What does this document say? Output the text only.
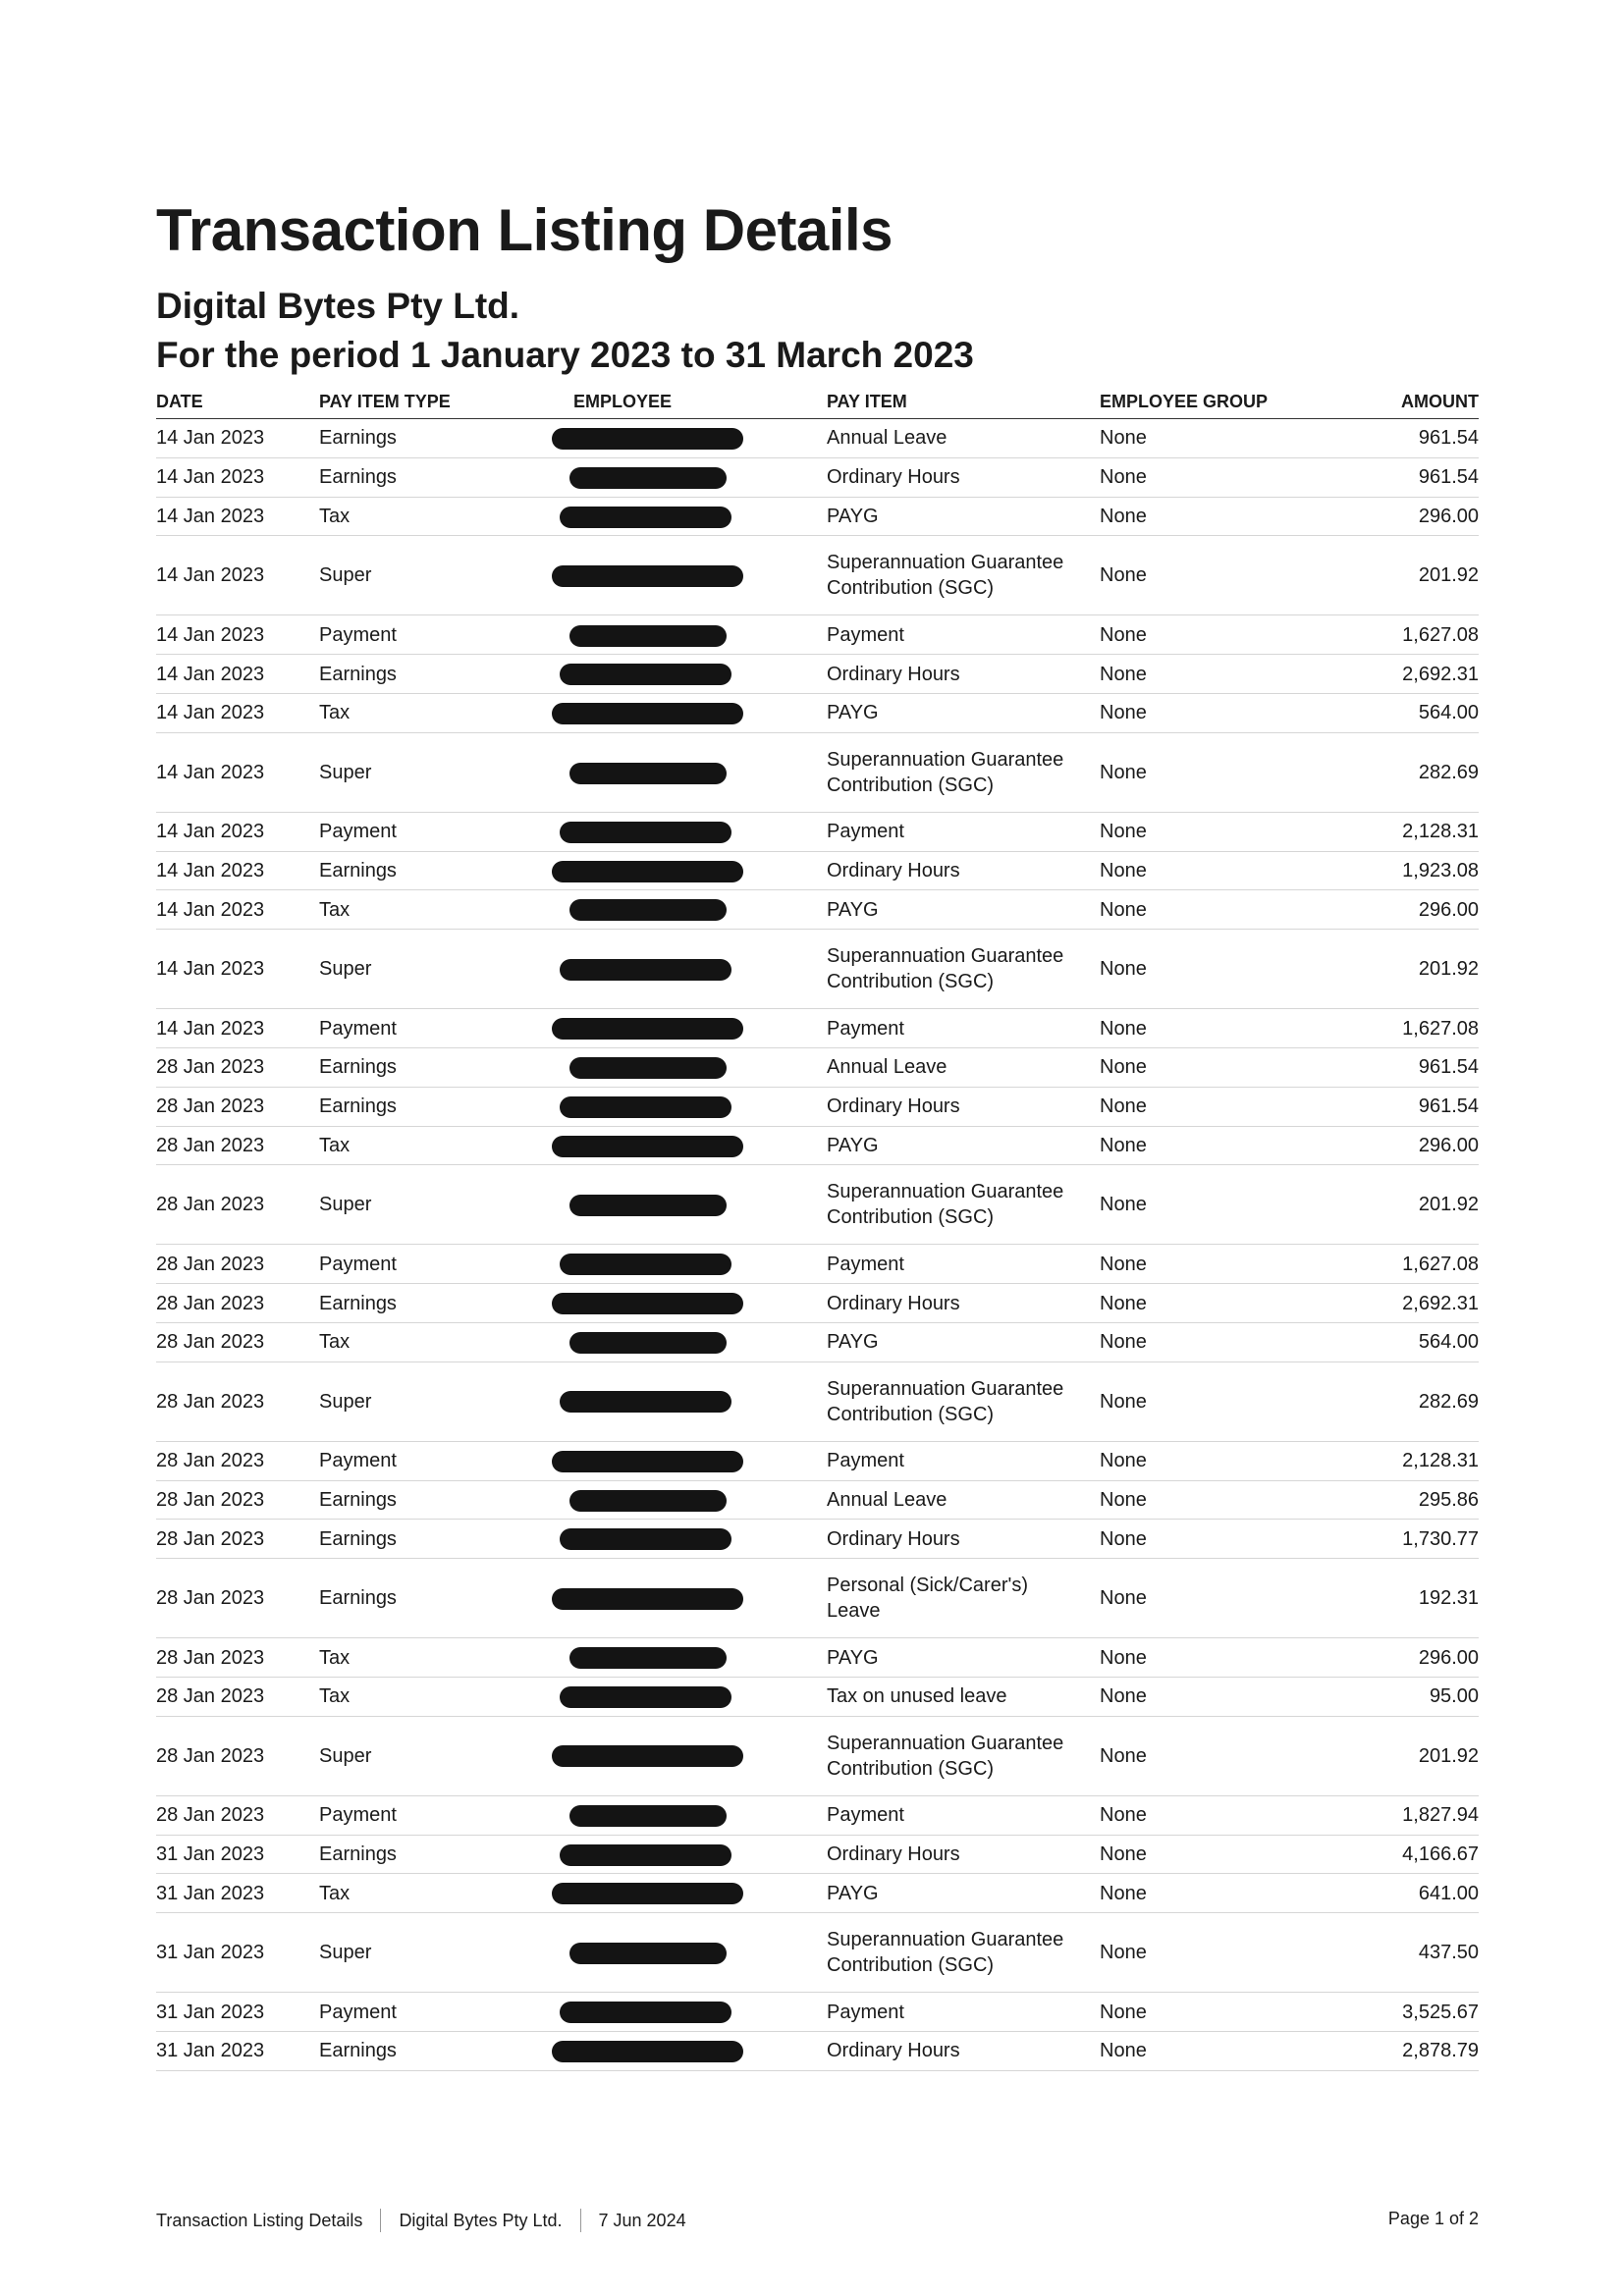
Transaction Listing Details
Digital Bytes Pty Ltd.
For the period 1 January 2023 to 31 March 2023
DATE	PAY ITEM TYPE	EMPLOYEE	PAY ITEM	EMPLOYEE GROUP	AMOUNT
14 Jan 2023	Earnings		Annual Leave	None	961.54
14 Jan 2023	Earnings		Ordinary Hours	None	961.54
14 Jan 2023	Tax		PAYG	None	296.00
14 Jan 2023	Super		Superannuation Guarantee Contribution (SGC)	None	201.92
14 Jan 2023	Payment		Payment	None	1,627.08
14 Jan 2023	Earnings		Ordinary Hours	None	2,692.31
14 Jan 2023	Tax		PAYG	None	564.00
14 Jan 2023	Super		Superannuation Guarantee Contribution (SGC)	None	282.69
14 Jan 2023	Payment		Payment	None	2,128.31
14 Jan 2023	Earnings		Ordinary Hours	None	1,923.08
14 Jan 2023	Tax		PAYG	None	296.00
14 Jan 2023	Super		Superannuation Guarantee Contribution (SGC)	None	201.92
14 Jan 2023	Payment		Payment	None	1,627.08
28 Jan 2023	Earnings		Annual Leave	None	961.54
28 Jan 2023	Earnings		Ordinary Hours	None	961.54
28 Jan 2023	Tax		PAYG	None	296.00
28 Jan 2023	Super		Superannuation Guarantee Contribution (SGC)	None	201.92
28 Jan 2023	Payment		Payment	None	1,627.08
28 Jan 2023	Earnings		Ordinary Hours	None	2,692.31
28 Jan 2023	Tax		PAYG	None	564.00
28 Jan 2023	Super		Superannuation Guarantee Contribution (SGC)	None	282.69
28 Jan 2023	Payment		Payment	None	2,128.31
28 Jan 2023	Earnings		Annual Leave	None	295.86
28 Jan 2023	Earnings		Ordinary Hours	None	1,730.77
28 Jan 2023	Earnings		Personal (Sick/Carer's) Leave	None	192.31
28 Jan 2023	Tax		PAYG	None	296.00
28 Jan 2023	Tax		Tax on unused leave	None	95.00
28 Jan 2023	Super		Superannuation Guarantee Contribution (SGC)	None	201.92
28 Jan 2023	Payment		Payment	None	1,827.94
31 Jan 2023	Earnings		Ordinary Hours	None	4,166.67
31 Jan 2023	Tax		PAYG	None	641.00
31 Jan 2023	Super		Superannuation Guarantee Contribution (SGC)	None	437.50
31 Jan 2023	Payment		Payment	None	3,525.67
31 Jan 2023	Earnings		Ordinary Hours	None	2,878.79
Transaction Listing Details Digital Bytes Pty Ltd. 7 Jun 2024	Page 1 of 2
